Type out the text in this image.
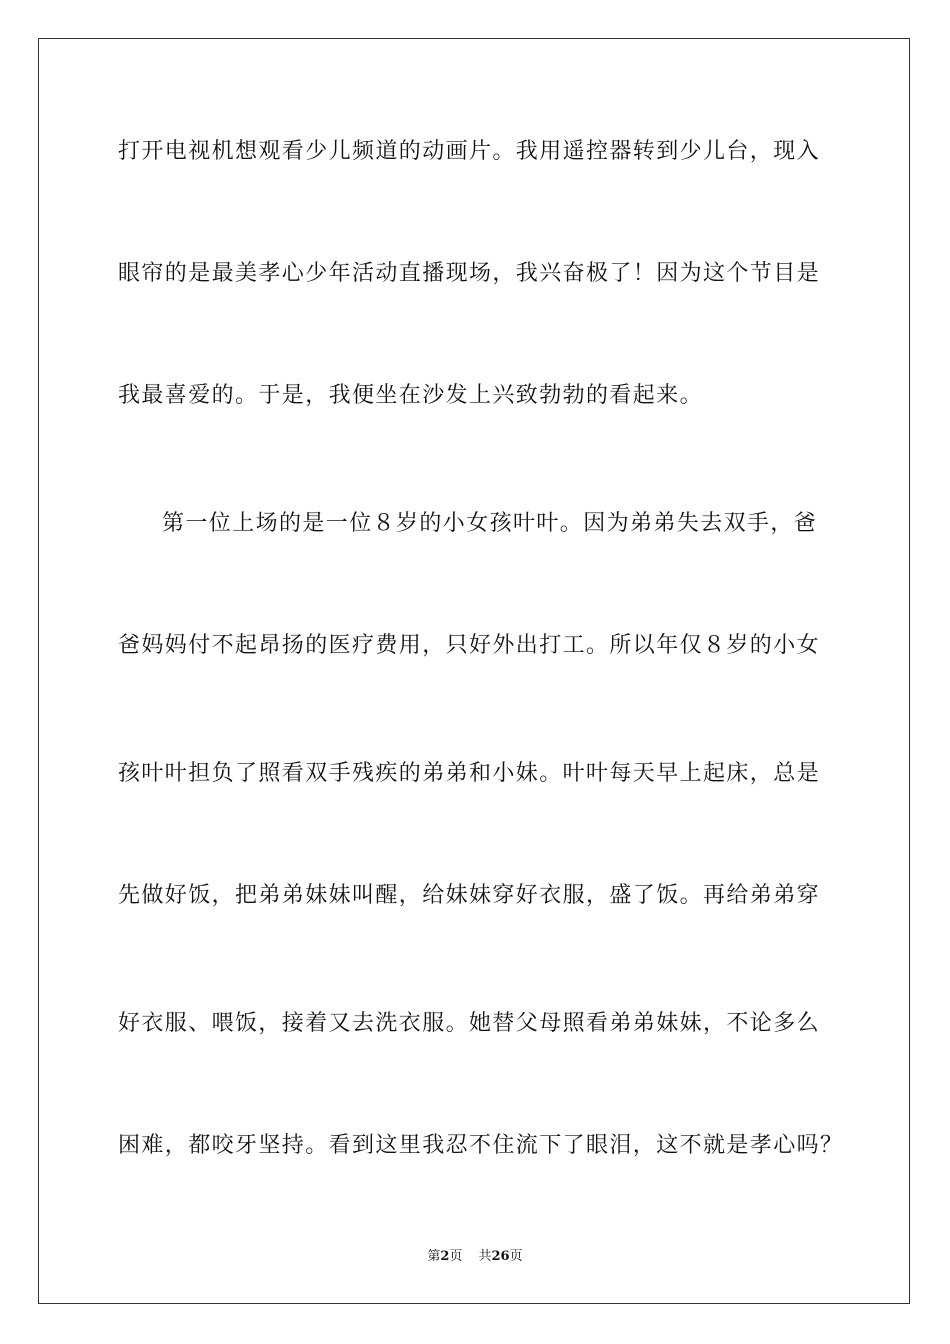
打开电视机想观看少儿频道的动画片。我用遥控器转到少儿台，现入
眼帘的是最美孝心少年活动直播现场，我兴奋极了！因为这个节目是
我最喜爱的。于是，我便坐在沙发上兴致勃勃的看起来。
第一位上场的是一位８岁的小女孩叶叶。因为弟弟失去双手，爸
爸妈妈付不起昂扬的医疗费用，只好外出打工。所以年仅８岁的小女
孩叶叶担负了照看双手残疾的弟弟和小妹。叶叶每天早上起床，总是
先做好饭，把弟弟妹妹叫醒，给妹妹穿好衣服，盛了饭。再给弟弟穿
好衣服、喂饭，接着又去洗衣服。她替父母照看弟弟妹妹，不论多么
困难，都咬牙坚持。看到这里我忍不住流下了眼泪，这不就是孝心吗？
第2页 共26页
